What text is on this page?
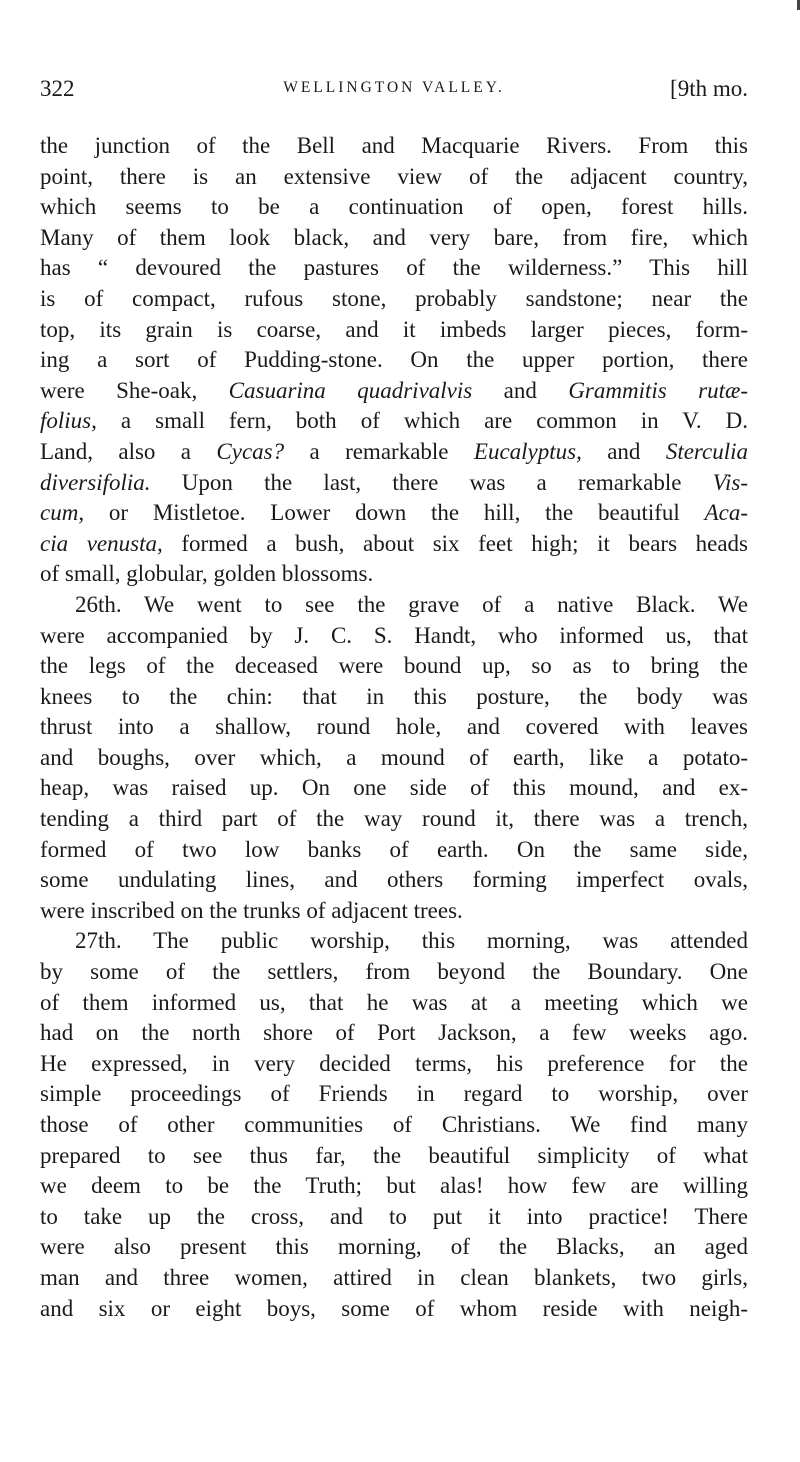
322	WELLINGTON VALLEY.	[9th mo.
the junction of the Bell and Macquarie Rivers. From this
point, there is an extensive view of the adjacent country,
which seems to be a continuation of open, forest hills.
Many of them look black, and very bare, from fire, which
has “ devoured the pastures of the wilderness.” This hill
is of compact, rufous stone, probably sandstone; near the
top, its grain is coarse, and it imbeds larger pieces, form-
ing a sort of Pudding-stone. On the upper portion, there
were She-oak, Casuarina quadrivalvis and Grammitis rutæ-
folius, a small fern, both of which are common in V. D.
Land, also a Cycas? a remarkable Eucalyptus, and Sterculia
diversifolia. Upon the last, there was a remarkable Vis-
cum, or Mistletoe. Lower down the hill, the beautiful Aca-
cia venusta, formed a bush, about six feet high; it bears heads
of small, globular, golden blossoms.
26th. We went to see the grave of a native Black. We
were accompanied by J. C. S. Handt, who informed us, that
the legs of the deceased were bound up, so as to bring the
knees to the chin: that in this posture, the body was
thrust into a shallow, round hole, and covered with leaves
and boughs, over which, a mound of earth, like a potato-
heap, was raised up. On one side of this mound, and ex-
tending a third part of the way round it, there was a trench,
formed of two low banks of earth. On the same side,
some undulating lines, and others forming imperfect ovals,
were inscribed on the trunks of adjacent trees.
27th. The public worship, this morning, was attended
by some of the settlers, from beyond the Boundary. One
of them informed us, that he was at a meeting which we
had on the north shore of Port Jackson, a few weeks ago.
He expressed, in very decided terms, his preference for the
simple proceedings of Friends in regard to worship, over
those of other communities of Christians. We find many
prepared to see thus far, the beautiful simplicity of what
we deem to be the Truth; but alas! how few are willing
to take up the cross, and to put it into practice! There
were also present this morning, of the Blacks, an aged
man and three women, attired in clean blankets, two girls,
and six or eight boys, some of whom reside with neigh-
